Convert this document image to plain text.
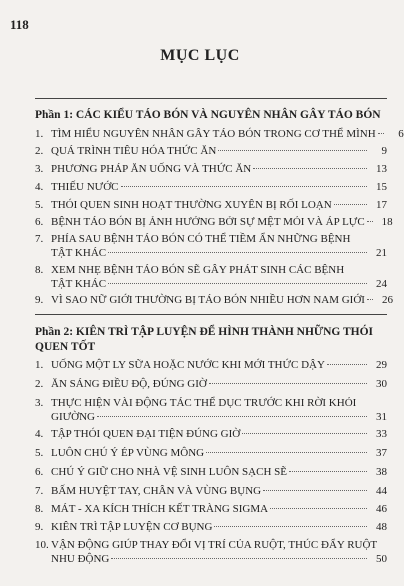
118
MỤC LỤC
Phần 1: CÁC KIỂU TÁO BÓN VÀ NGUYÊN NHÂN GÂY TÁO BÓN
1. TÌM HIỂU NGUYÊN NHÂN GÂY TÁO BÓN TRONG CƠ THỂ MÌNH	6
2. QUÁ TRÌNH TIÊU HÓA THỨC ĂN	9
3. PHƯƠNG PHÁP ĂN UỐNG VÀ THỨC ĂN	13
4. THIẾU NƯỚC	15
5. THÓI QUEN SINH HOẠT THƯỜNG XUYÊN BỊ RỐI LOẠN	17
6. BỆNH TÁO BÓN BỊ ẢNH HƯỞNG BỞI SỰ MỆT MỎI VÀ ÁP LỰC	18
7. PHÍA SAU BỆNH TÁO BÓN CÓ THỂ TIỀM ẨN NHỮNG BỆNH
TẬT KHÁC	21
8. XEM NHẸ BỆNH TÁO BÓN SẼ GÂY PHÁT SINH CÁC BỆNH
TẬT KHÁC	24
9. VÌ SAO NỮ GIỚI THƯỜNG BỊ TÁO BÓN NHIỀU HƠN NAM GIỚI	26
Phần 2: KIÊN TRÌ TẬP LUYỆN ĐỂ HÌNH THÀNH NHỮNG THÓI
QUEN TỐT
1. UỐNG MỘT LY SỮA HOẶC NƯỚC KHI MỚI THỨC DẬY	29
2. ĂN SÁNG ĐIỀU ĐỘ, ĐÚNG GIỜ	30
3. THỰC HIỆN VÀI ĐỘNG TÁC THỂ DỤC TRƯỚC KHI RỜI KHỎI
GIƯỜNG	31
4. TẬP THÓI QUEN ĐẠI TIỆN ĐÚNG GIỜ	33
5. LUÔN CHÚ Ý ÉP VÙNG MÔNG	37
6. CHÚ Ý GIỮ CHO NHÀ VỆ SINH LUÔN SẠCH SẼ	38
7. BẤM HUYỆT TAY, CHÂN VÀ VÙNG BỤNG	44
8. MÁT - XA KÍCH THÍCH KẾT TRÀNG SIGMA	46
9. KIÊN TRÌ TẬP LUYỆN CƠ BỤNG	48
10. VẬN ĐỘNG GIÚP THAY ĐỔI VỊ TRÍ CỦA RUỘT, THÚC ĐẨY RUỘT
NHU ĐỘNG	50
